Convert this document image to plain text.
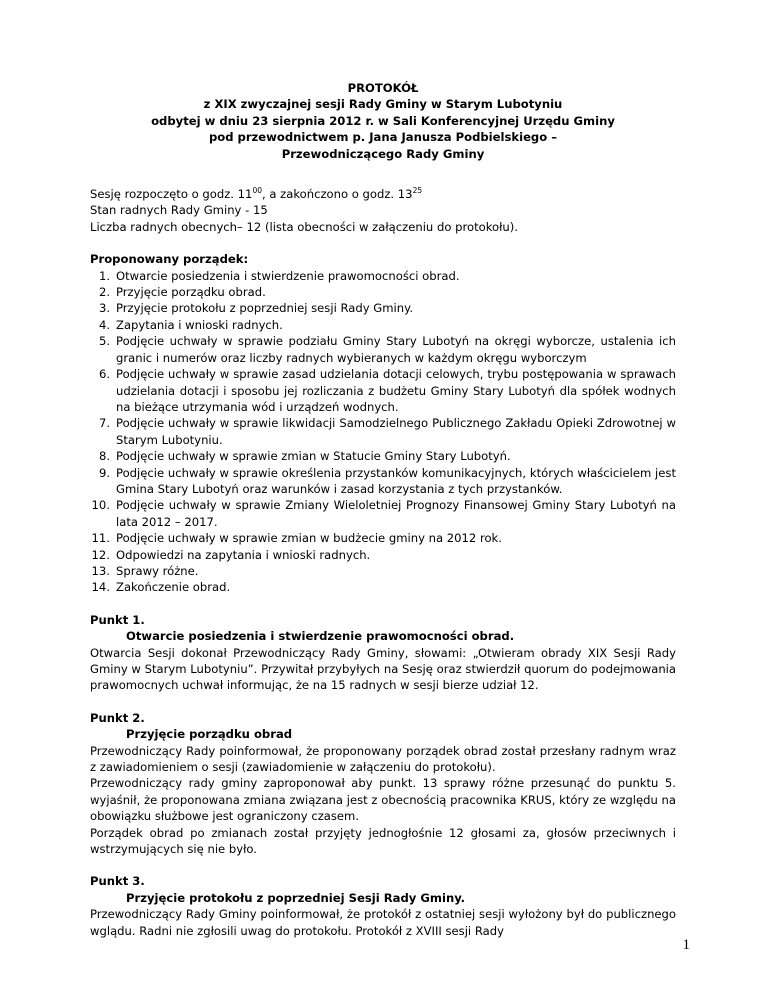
PROTOKÓŁ
z XIX zwyczajnej sesji Rady Gminy w Starym Lubotyniu
odbytej w dniu 23 sierpnia 2012 r. w Sali Konferencyjnej Urzędu Gminy
pod przewodnictwem p. Jana Janusza Podbielskiego –
Przewodniczącego Rady Gminy

Sesję rozpoczęto o godz. $11^{00}$, a zakończono o godz. $13^{25}$

Stan radnych Rady Gminy - 15

Liczba radnych obecnych– 12 (lista obecności w załączeniu do protokołu).

Proponowany porządek:

1. Otwarcie posiedzenia i stwierdzenie prawomocności obrad.
2. Przyjęcie porządku obrad.
3. Przyjęcie protokołu z poprzedniej sesji Rady Gminy.
4. Zapytania i wnioski radnych.
5. Podjęcie uchwały w sprawie podziału Gminy Stary Lubotyń na okręgi wyborcze, ustalenia ich granic i numerów oraz liczby radnych wybieranych w każdym okręgu wyborczym
6. Podjęcie uchwały w sprawie zasad udzielania dotacji celowych, trybu postępowania w sprawach udzielania dotacji i sposobu jej rozliczania z budżetu Gminy Stary Lubotyń dla spółek wodnych na bieżące utrzymania wód i urządzeń wodnych.
7. Podjęcie uchwały w sprawie likwidacji Samodzielnego Publicznego Zakładu Opieki Zdrowotnej w Starym Lubotyniu.
8. Podjęcie uchwały w sprawie zmian w Statucie Gminy Stary Lubotyń.
9. Podjęcie uchwały w sprawie określenia przystanków komunikacyjnych, których właścicielem jest Gmina Stary Lubotyń oraz warunków i zasad korzystania z tych przystanków.
10. Podjęcie uchwały w sprawie Zmiany Wieloletniej Prognozy Finansowej Gminy Stary Lubotyń na lata 2012 – 2017.
11. Podjęcie uchwały w sprawie zmian w budżecie gminy na 2012 rok.
12. Odpowiedzi na zapytania i wnioski radnych.
13. Sprawy różne.
14. Zakończenie obrad.

Punkt 1.

Otwarcie posiedzenia i stwierdzenie prawomocności obrad.

Otwarcia Sesji dokonał Przewodniczący Rady Gminy, słowami: „Otwieram obrady XIX Sesji Rady Gminy w Starym Lubotyniu”. Przywitał przybyłych na Sesję oraz stwierdził quorum do podejmowania prawomocnych uchwał informując, że na 15 radnych w sesji bierze udział 12.

Punkt 2.

Przyjęcie porządku obrad

Przewodniczący Rady poinformował, że proponowany porządek obrad został przesłany radnym wraz z zawiadomieniem o sesji (zawiadomienie w załączeniu do protokołu).

Przewodniczący rady gminy zaproponował aby punkt. 13 sprawy różne przesunąć do punktu 5. wyjaśnił, że proponowana zmiana związana jest z obecnością pracownika KRUS, który ze względu na obowiązku służbowe jest ograniczony czasem.

Porządek obrad po zmianach został przyjęty jednogłośnie 12 głosami za, głosów przeciwnych i wstrzymujących się nie było.

Punkt 3.

Przyjęcie protokołu z poprzedniej Sesji Rady Gminy.

Przewodniczący Rady Gminy poinformował, że protokół z ostatniej sesji wyłożony był do publicznego wglądu. Radni nie zgłosili uwag do protokołu. Protokół z XVIII sesji Rady

1
